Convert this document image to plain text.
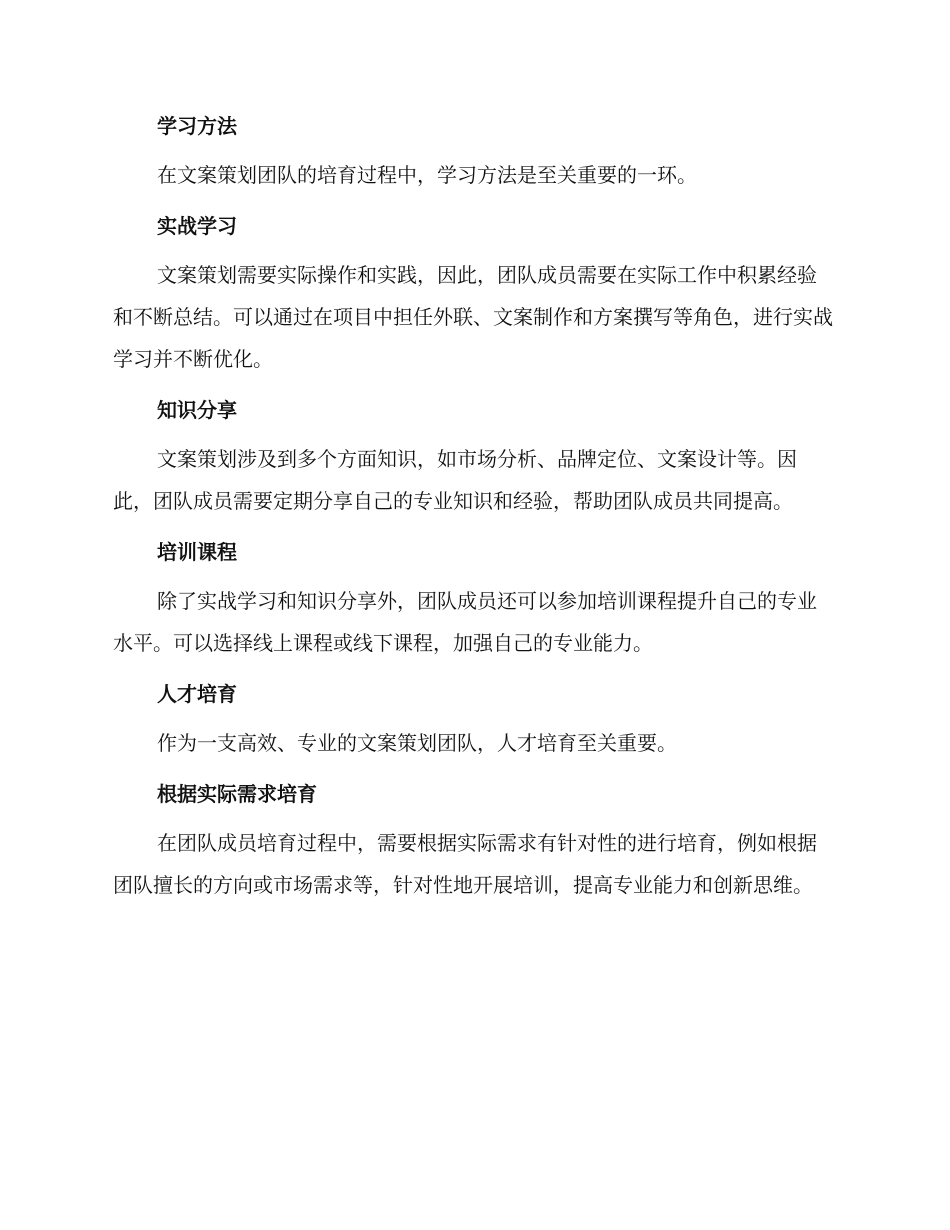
学习方法

在文案策划团队的培育过程中，学习方法是至关重要的一环。

实战学习

文案策划需要实际操作和实践，因此，团队成员需要在实际工作中积累经验和不断总结。可以通过在项目中担任外联、文案制作和方案撰写等角色，进行实战学习并不断优化。

知识分享

文案策划涉及到多个方面知识，如市场分析、品牌定位、文案设计等。因此，团队成员需要定期分享自己的专业知识和经验，帮助团队成员共同提高。

培训课程

除了实战学习和知识分享外，团队成员还可以参加培训课程提升自己的专业水平。可以选择线上课程或线下课程，加强自己的专业能力。

人才培育

作为一支高效、专业的文案策划团队，人才培育至关重要。

根据实际需求培育

在团队成员培育过程中，需要根据实际需求有针对性的进行培育，例如根据团队擅长的方向或市场需求等，针对性地开展培训，提高专业能力和创新思维。
